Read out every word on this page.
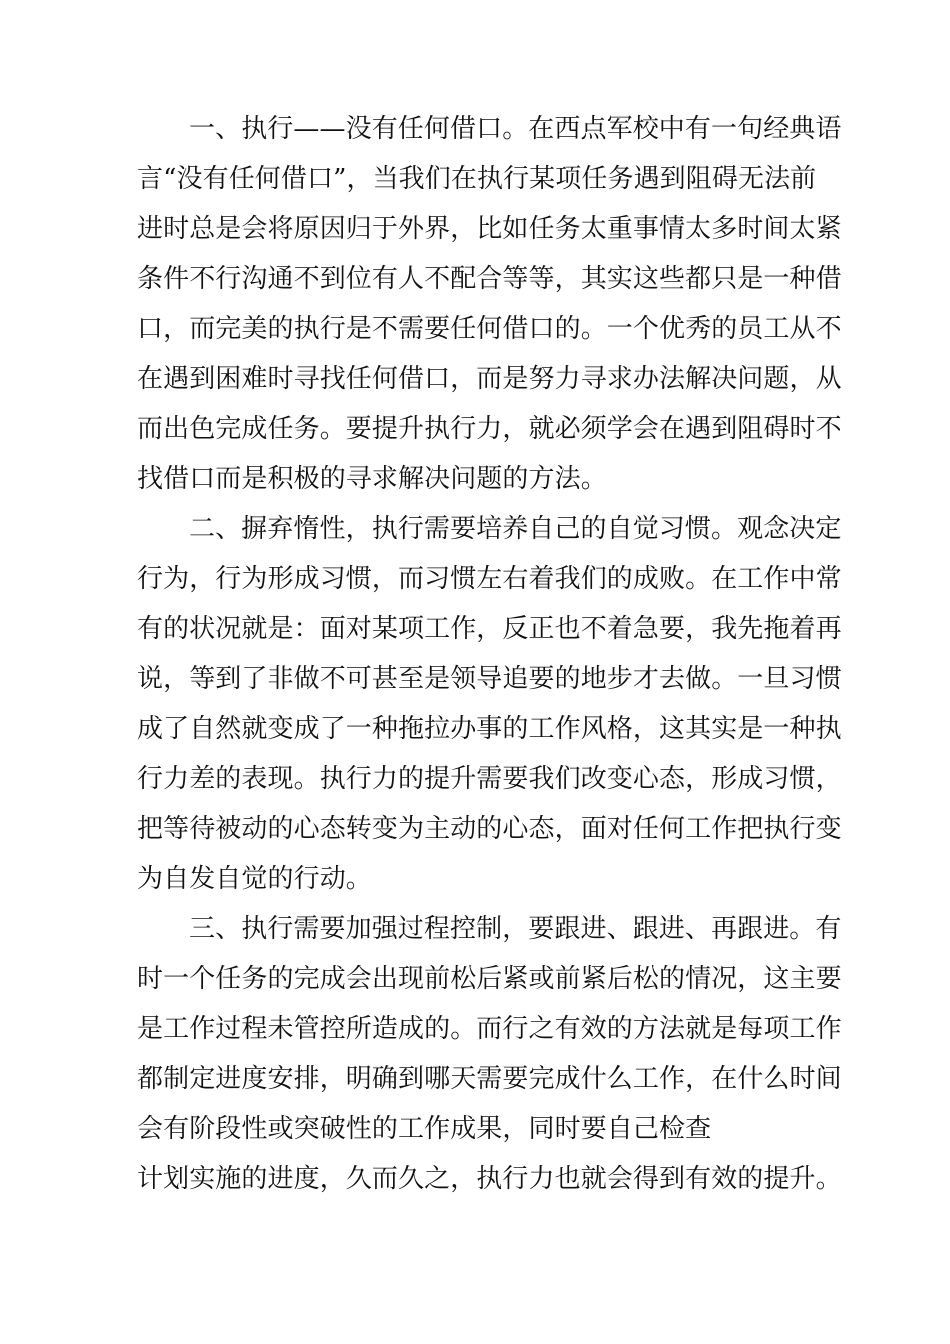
一、执行——没有任何借口。在西点军校中有一句经典语
言“没有任何借口”，当我们在执行某项任务遇到阻碍无法前
进时总是会将原因归于外界，比如任务太重事情太多时间太紧
条件不行沟通不到位有人不配合等等，其实这些都只是一种借
口，而完美的执行是不需要任何借口的。一个优秀的员工从不
在遇到困难时寻找任何借口，而是努力寻求办法解决问题，从
而出色完成任务。要提升执行力，就必须学会在遇到阻碍时不
找借口而是积极的寻求解决问题的方法。
二、摒弃惰性，执行需要培养自己的自觉习惯。观念决定
行为，行为形成习惯，而习惯左右着我们的成败。在工作中常
有的状况就是：面对某项工作，反正也不着急要，我先拖着再
说，等到了非做不可甚至是领导追要的地步才去做。一旦习惯
成了自然就变成了一种拖拉办事的工作风格，这其实是一种执
行力差的表现。执行力的提升需要我们改变心态，形成习惯，
把等待被动的心态转变为主动的心态，面对任何工作把执行变
为自发自觉的行动。
三、执行需要加强过程控制，要跟进、跟进、再跟进。有
时一个任务的完成会出现前松后紧或前紧后松的情况，这主要
是工作过程未管控所造成的。而行之有效的方法就是每项工作
都制定进度安排，明确到哪天需要完成什么工作，在什么时间
会有阶段性或突破性的工作成果，同时要自己检查
计划实施的进度，久而久之，执行力也就会得到有效的提升。
